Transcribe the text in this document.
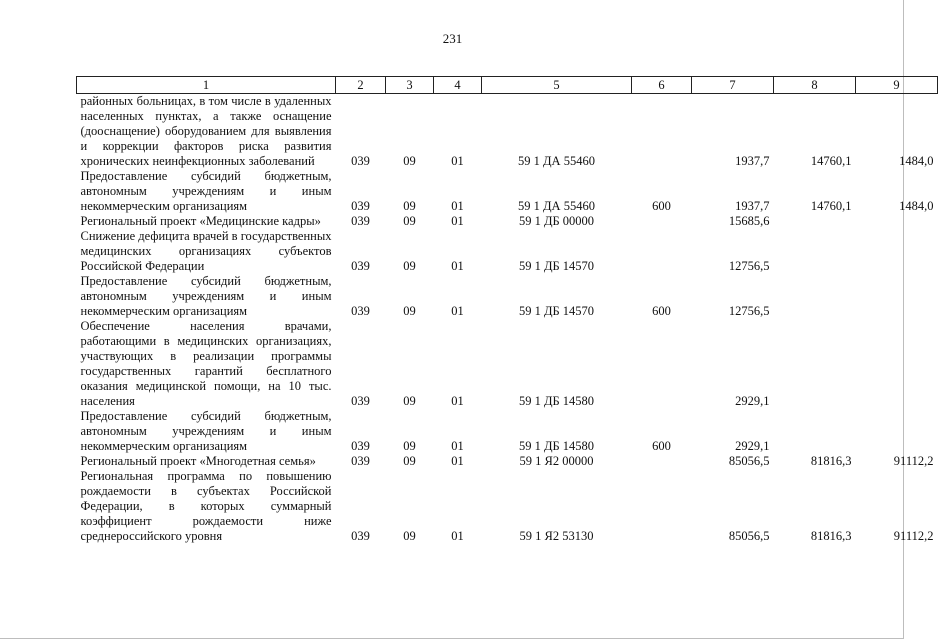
231
1	2	3	4	5	6	7	8	9
районных больницах, в том числе в удаленных населенных пунктах, а также оснащение (дооснащение) оборудованием для выявления и коррекции факторов риска развития хронических неинфекционных заболеваний	039	09	01	59 1 ДА 55460		1937,7	14760,1	1484,0
Предоставление субсидий бюджетным, автономным учреждениям и иным некоммерческим организациям	039	09	01	59 1 ДА 55460	600	1937,7	14760,1	1484,0
Региональный проект «Медицинские кадры»	039	09	01	59 1 ДБ 00000		15685,6		
Снижение дефицита врачей в государственных медицинских организациях субъектов Российской Федерации	039	09	01	59 1 ДБ 14570		12756,5		
Предоставление субсидий бюджетным, автономным учреждениям и иным некоммерческим организациям	039	09	01	59 1 ДБ 14570	600	12756,5		
Обеспечение населения врачами, работающими в медицинских организациях, участвующих в реализации программы государственных гарантий бесплатного оказания медицинской помощи, на 10 тыс. населения	039	09	01	59 1 ДБ 14580		2929,1		
Предоставление субсидий бюджетным, автономным учреждениям и иным некоммерческим организациям	039	09	01	59 1 ДБ 14580	600	2929,1		
Региональный проект «Многодетная семья»	039	09	01	59 1 Я2 00000		85056,5	81816,3	91112,2
Региональная программа по повышению рождаемости в субъектах Российской Федерации, в которых суммарный коэффициент рождаемости ниже среднероссийского уровня	039	09	01	59 1 Я2 53130		85056,5	81816,3	91112,2
